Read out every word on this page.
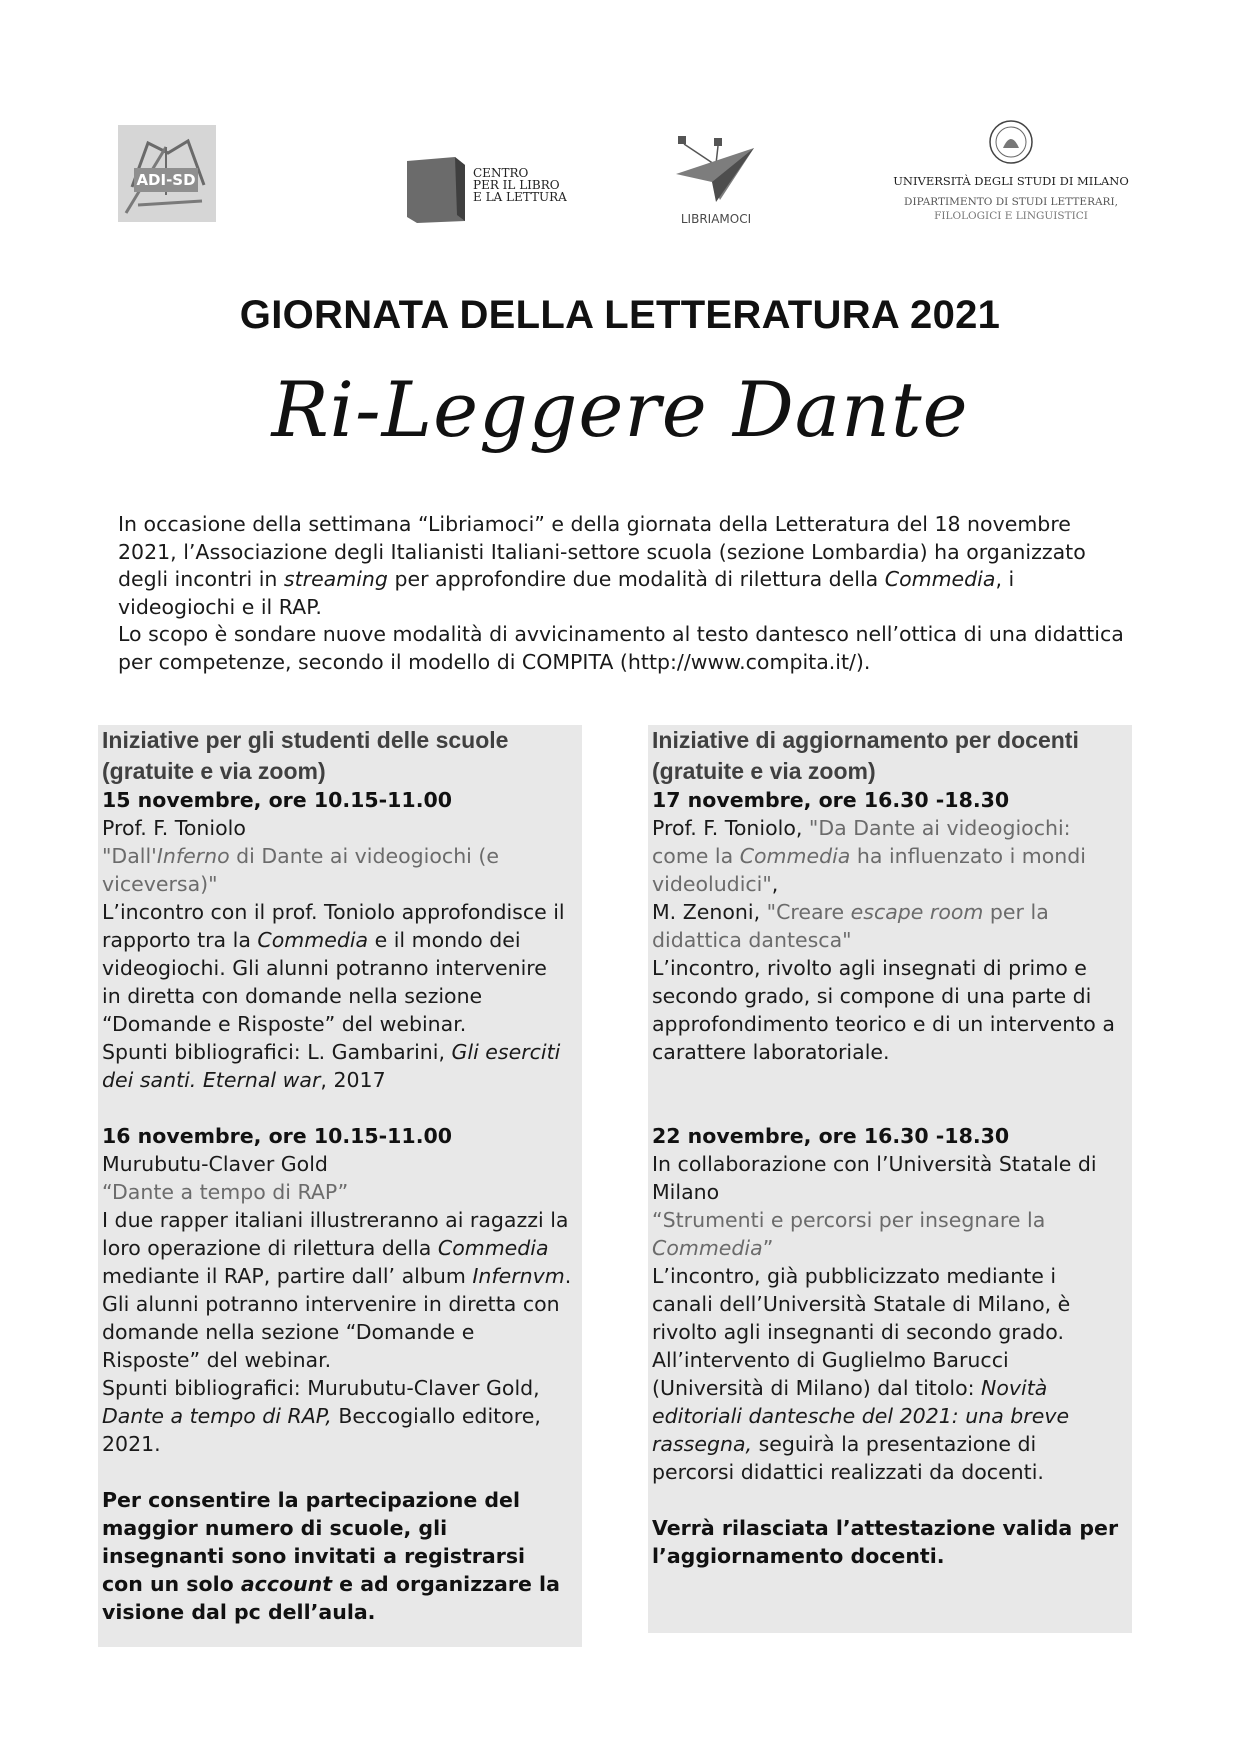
ADI-SD	CENTRO
PER IL LIBRO
E LA LETTURA
LIBRIAMOCI
UNIVERSITÀ DEGLI STUDI DI MILANO
DIPARTIMENTO DI STUDI LETTERARI,
FILOLOGICI E LINGUISTICI
GIORNATA DELLA LETTERATURA 2021
Ri-Leggere Dante

In occasione della settimana “Libriamoci” e della giornata della Letteratura del 18 novembre 2021, l’Associazione degli Italianisti Italiani-settore scuola (sezione Lombardia) ha organizzato degli incontri in streaming per approfondire due modalità di rilettura della Commedia, i videogiochi e il RAP.

Lo scopo è sondare nuove modalità di avvicinamento al testo dantesco nell’ottica di una didattica per competenze, secondo il modello di COMPITA (http://www.compita.it/).

Iniziative per gli studenti delle scuole (gratuite e via zoom)

15 novembre, ore 10.15-11.00

Prof. F. Toniolo

"Dall'Inferno di Dante ai videogiochi (e viceversa)"

L’incontro con il prof. Toniolo approfondisce il rapporto tra la Commedia e il mondo dei videogiochi. Gli alunni potranno intervenire in diretta con domande nella sezione “Domande e Risposte” del webinar.

Spunti bibliografici: L. Gambarini, Gli eserciti dei santi. Eternal war, 2017

16 novembre, ore 10.15-11.00

Murubutu-Claver Gold

“Dante a tempo di RAP”

I due rapper italiani illustreranno ai ragazzi la loro operazione di rilettura della Commedia mediante il RAP, partire dall’ album Infernvm. Gli alunni potranno intervenire in diretta con domande nella sezione “Domande e Risposte” del webinar.

Spunti bibliografici: Murubutu-Claver Gold, Dante a tempo di RAP, Beccogiallo editore, 2021.

Per consentire la partecipazione del maggior numero di scuole, gli insegnanti sono invitati a registrarsi con un solo account e ad organizzare la visione dal pc dell’aula.

Iniziative di aggiornamento per docenti (gratuite e via zoom)

17 novembre, ore 16.30 -18.30

Prof. F. Toniolo, "Da Dante ai videogiochi: come la Commedia ha influenzato i mondi videoludici",

M. Zenoni, "Creare escape room per la didattica dantesca"

L’incontro, rivolto agli insegnati di primo e secondo grado, si compone di una parte di approfondimento teorico e di un intervento a carattere laboratoriale.

22 novembre, ore 16.30 -18.30

In collaborazione con l’Università Statale di Milano

“Strumenti e percorsi per insegnare la Commedia”

L’incontro, già pubblicizzato mediante i canali dell’Università Statale di Milano, è rivolto agli insegnanti di secondo grado. All’intervento di Guglielmo Barucci (Università di Milano) dal titolo: Novità editoriali dantesche del 2021: una breve rassegna, seguirà la presentazione di percorsi didattici realizzati da docenti.

Verrà rilasciata l’attestazione valida per l’aggiornamento docenti.
